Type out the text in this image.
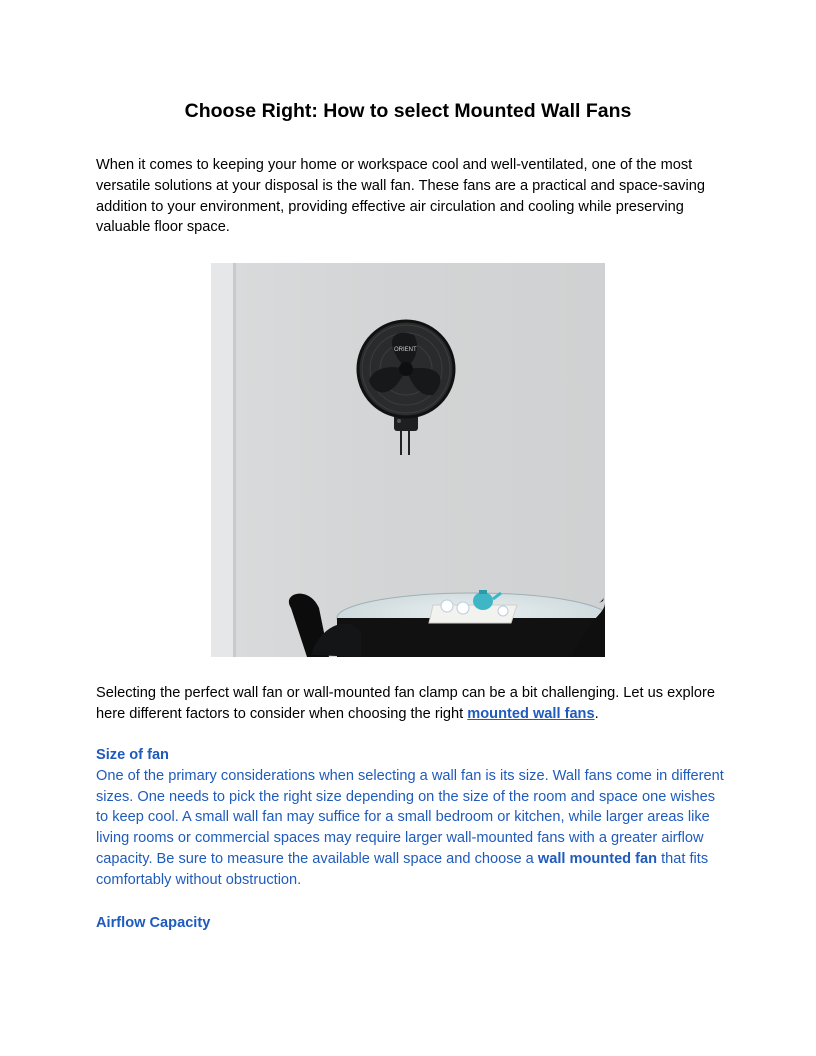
Choose Right: How to select Mounted Wall Fans
When it comes to keeping your home or workspace cool and well-ventilated, one of the most versatile solutions at your disposal is the wall fan. These fans are a practical and space-saving addition to your environment, providing effective air circulation and cooling while preserving valuable floor space.
ORIENT
Selecting the perfect wall fan or wall-mounted fan clamp can be a bit challenging. Let us explore here different factors to consider when choosing the right mounted wall fans.
Size of fan
One of the primary considerations when selecting a wall fan is its size. Wall fans come in different sizes. One needs to pick the right size depending on the size of the room and space one wishes to keep cool. A small wall fan may suffice for a small bedroom or kitchen, while larger areas like living rooms or commercial spaces may require larger wall-mounted fans with a greater airflow capacity. Be sure to measure the available wall space and choose a wall mounted fan that fits comfortably without obstruction.
Airflow Capacity
